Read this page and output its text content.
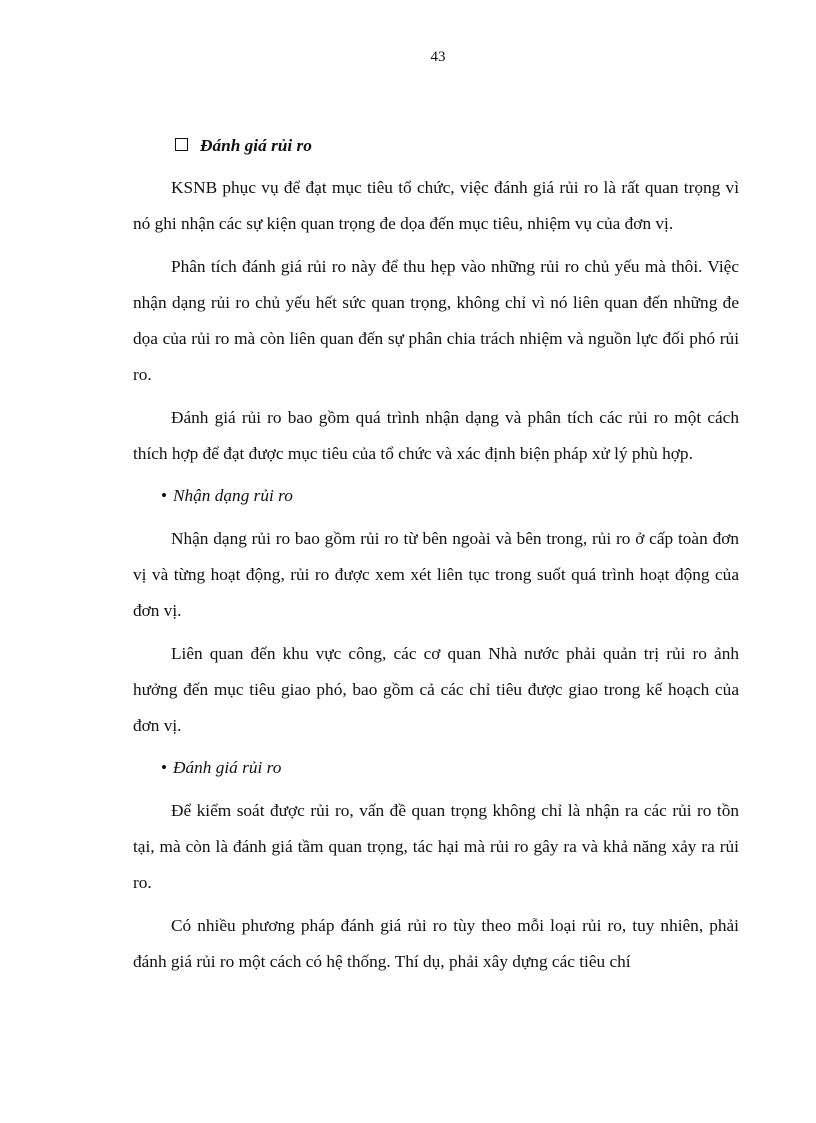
43
Đánh giá rủi ro

KSNB phục vụ để đạt mục tiêu tổ chức, việc đánh giá rủi ro là rất quan trọng vì nó ghi nhận các sự kiện quan trọng đe dọa đến mục tiêu, nhiệm vụ của đơn vị.

Phân tích đánh giá rủi ro này để thu hẹp vào những rủi ro chủ yếu mà thôi. Việc nhận dạng rủi ro chủ yếu hết sức quan trọng, không chỉ vì nó liên quan đến những đe dọa của rủi ro mà còn liên quan đến sự phân chia trách nhiệm và nguồn lực đối phó rủi ro.

Đánh giá rủi ro bao gồm quá trình nhận dạng và phân tích các rủi ro một cách thích hợp để đạt được mục tiêu của tổ chức và xác định biện pháp xử lý phù hợp.

• Nhận dạng rủi ro

Nhận dạng rủi ro bao gồm rủi ro từ bên ngoài và bên trong, rủi ro ở cấp toàn đơn vị và từng hoạt động, rủi ro được xem xét liên tục trong suốt quá trình hoạt động của đơn vị.

Liên quan đến khu vực công, các cơ quan Nhà nước phải quản trị rủi ro ảnh hưởng đến mục tiêu giao phó, bao gồm cả các chỉ tiêu được giao trong kế hoạch của đơn vị.

• Đánh giá rủi ro

Để kiểm soát được rủi ro, vấn đề quan trọng không chỉ là nhận ra các rủi ro tồn tại, mà còn là đánh giá tầm quan trọng, tác hại mà rủi ro gây ra và khả năng xảy ra rủi ro.

Có nhiều phương pháp đánh giá rủi ro tùy theo mỗi loại rủi ro, tuy nhiên, phải đánh giá rủi ro một cách có hệ thống. Thí dụ, phải xây dựng các tiêu chí
